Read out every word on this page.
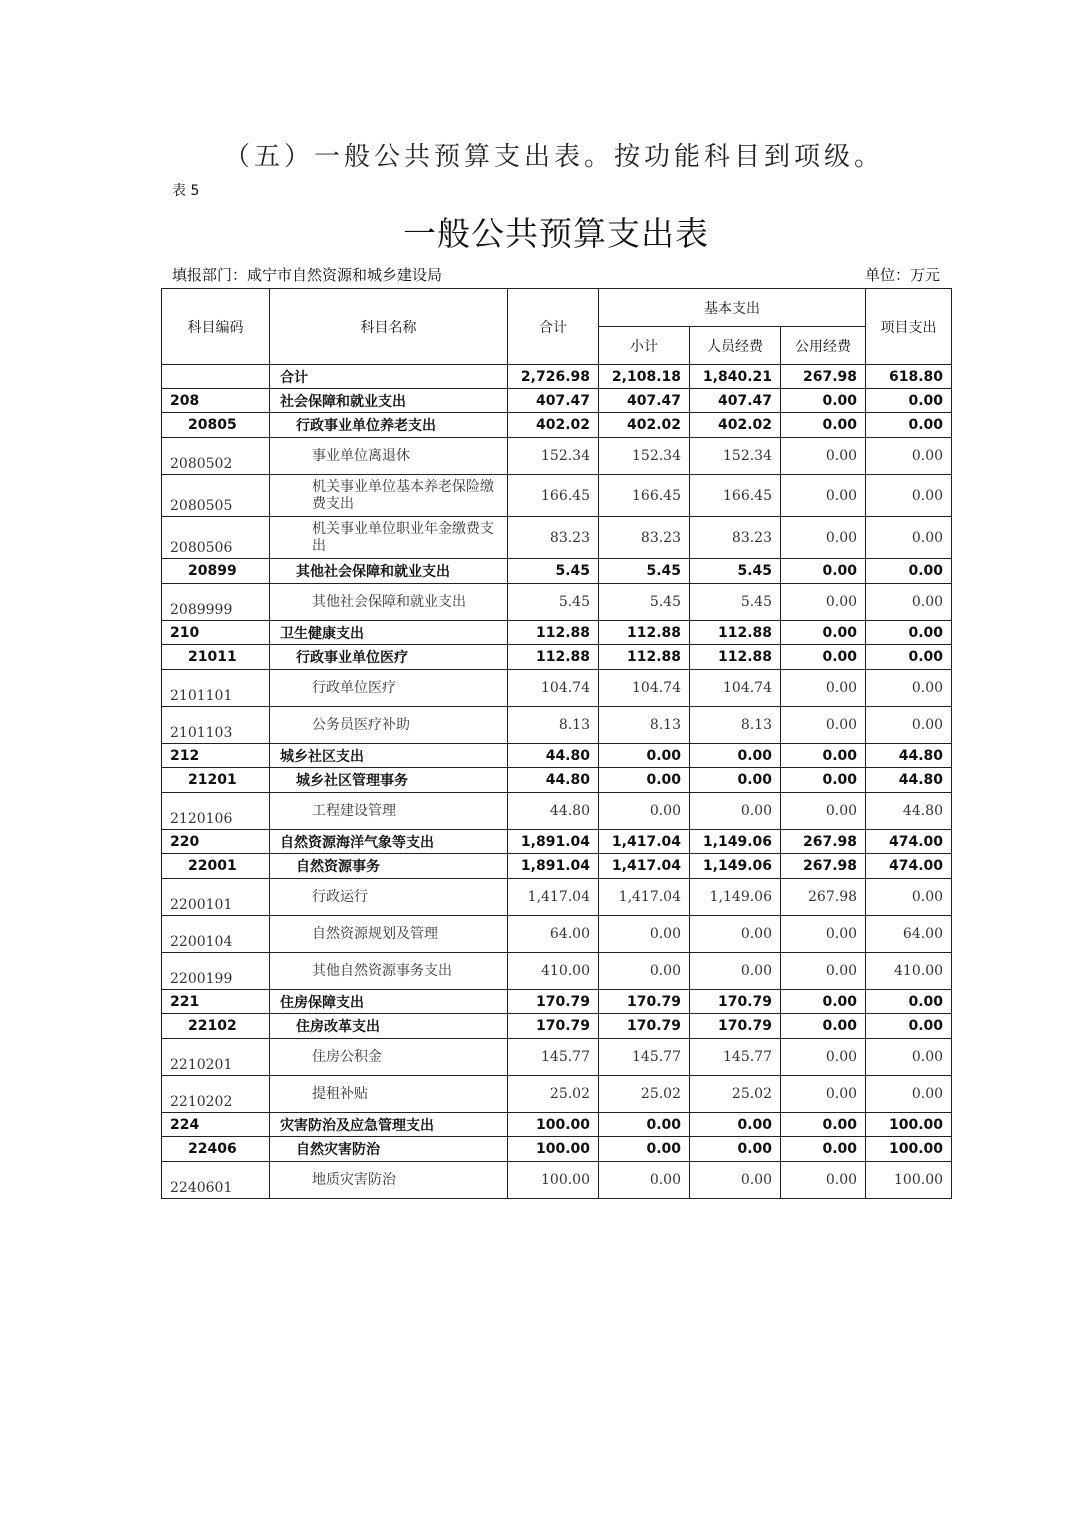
（五）一般公共预算支出表。按功能科目到项级。
表 5
一般公共预算支出表
填报部门：咸宁市自然资源和城乡建设局	单位：万元
科目编码	科目名称	合计	基本支出			项目支出
			小计	人员经费	公用经费	
	合计	2,726.98	2,108.18	1,840.21	267.98	618.80
208	社会保障和就业支出	407.47	407.47	407.47	0.00	0.00
20805	行政事业单位养老支出	402.02	402.02	402.02	0.00	0.00
2080502	事业单位离退休	152.34	152.34	152.34	0.00	0.00
2080505	机关事业单位基本养老保险缴费支出	166.45	166.45	166.45	0.00	0.00
2080506	机关事业单位职业年金缴费支出	83.23	83.23	83.23	0.00	0.00
20899	其他社会保障和就业支出	5.45	5.45	5.45	0.00	0.00
2089999	其他社会保障和就业支出	5.45	5.45	5.45	0.00	0.00
210	卫生健康支出	112.88	112.88	112.88	0.00	0.00
21011	行政事业单位医疗	112.88	112.88	112.88	0.00	0.00
2101101	行政单位医疗	104.74	104.74	104.74	0.00	0.00
2101103	公务员医疗补助	8.13	8.13	8.13	0.00	0.00
212	城乡社区支出	44.80	0.00	0.00	0.00	44.80
21201	城乡社区管理事务	44.80	0.00	0.00	0.00	44.80
2120106	工程建设管理	44.80	0.00	0.00	0.00	44.80
220	自然资源海洋气象等支出	1,891.04	1,417.04	1,149.06	267.98	474.00
22001	自然资源事务	1,891.04	1,417.04	1,149.06	267.98	474.00
2200101	行政运行	1,417.04	1,417.04	1,149.06	267.98	0.00
2200104	自然资源规划及管理	64.00	0.00	0.00	0.00	64.00
2200199	其他自然资源事务支出	410.00	0.00	0.00	0.00	410.00
221	住房保障支出	170.79	170.79	170.79	0.00	0.00
22102	住房改革支出	170.79	170.79	170.79	0.00	0.00
2210201	住房公积金	145.77	145.77	145.77	0.00	0.00
2210202	提租补贴	25.02	25.02	25.02	0.00	0.00
224	灾害防治及应急管理支出	100.00	0.00	0.00	0.00	100.00
22406	自然灾害防治	100.00	0.00	0.00	0.00	100.00
2240601	地质灾害防治	100.00	0.00	0.00	0.00	100.00
